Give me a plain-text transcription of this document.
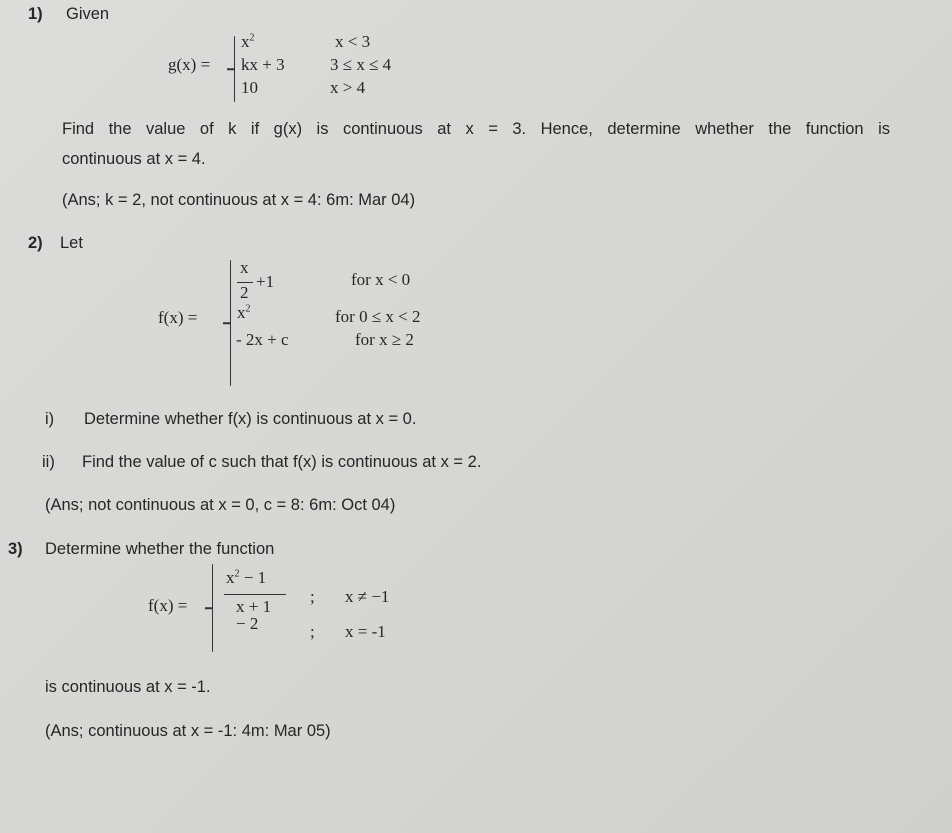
1) Given
g(x) =
$x^2$
kx + 3
10
x < 3
3 ≤ x ≤ 4
x > 4
Find the value of k if g(x) is continuous at x = 3. Hence, determine whether the function is
continuous at x = 4.
(Ans; k = 2, not continuous at x = 4: 6m: Mar 04)
2) Let
f(x) =
x
2
+1
$x^2$
- 2x + c
for x < 0
for 0 ≤ x < 2
for x ≥ 2
i) Determine whether f(x) is continuous at x = 0.
ii) Find the value of c such that f(x) is continuous at x = 2.
(Ans; not continuous at x = 0, c = 8: 6m: Oct 04)
3) Determine whether the function
f(x) =
$x^2 - 1$
x + 1
− 2
;
;
x ≠ −1
x = -1
is continuous at x = -1.
(Ans; continuous at x = -1: 4m: Mar 05)
